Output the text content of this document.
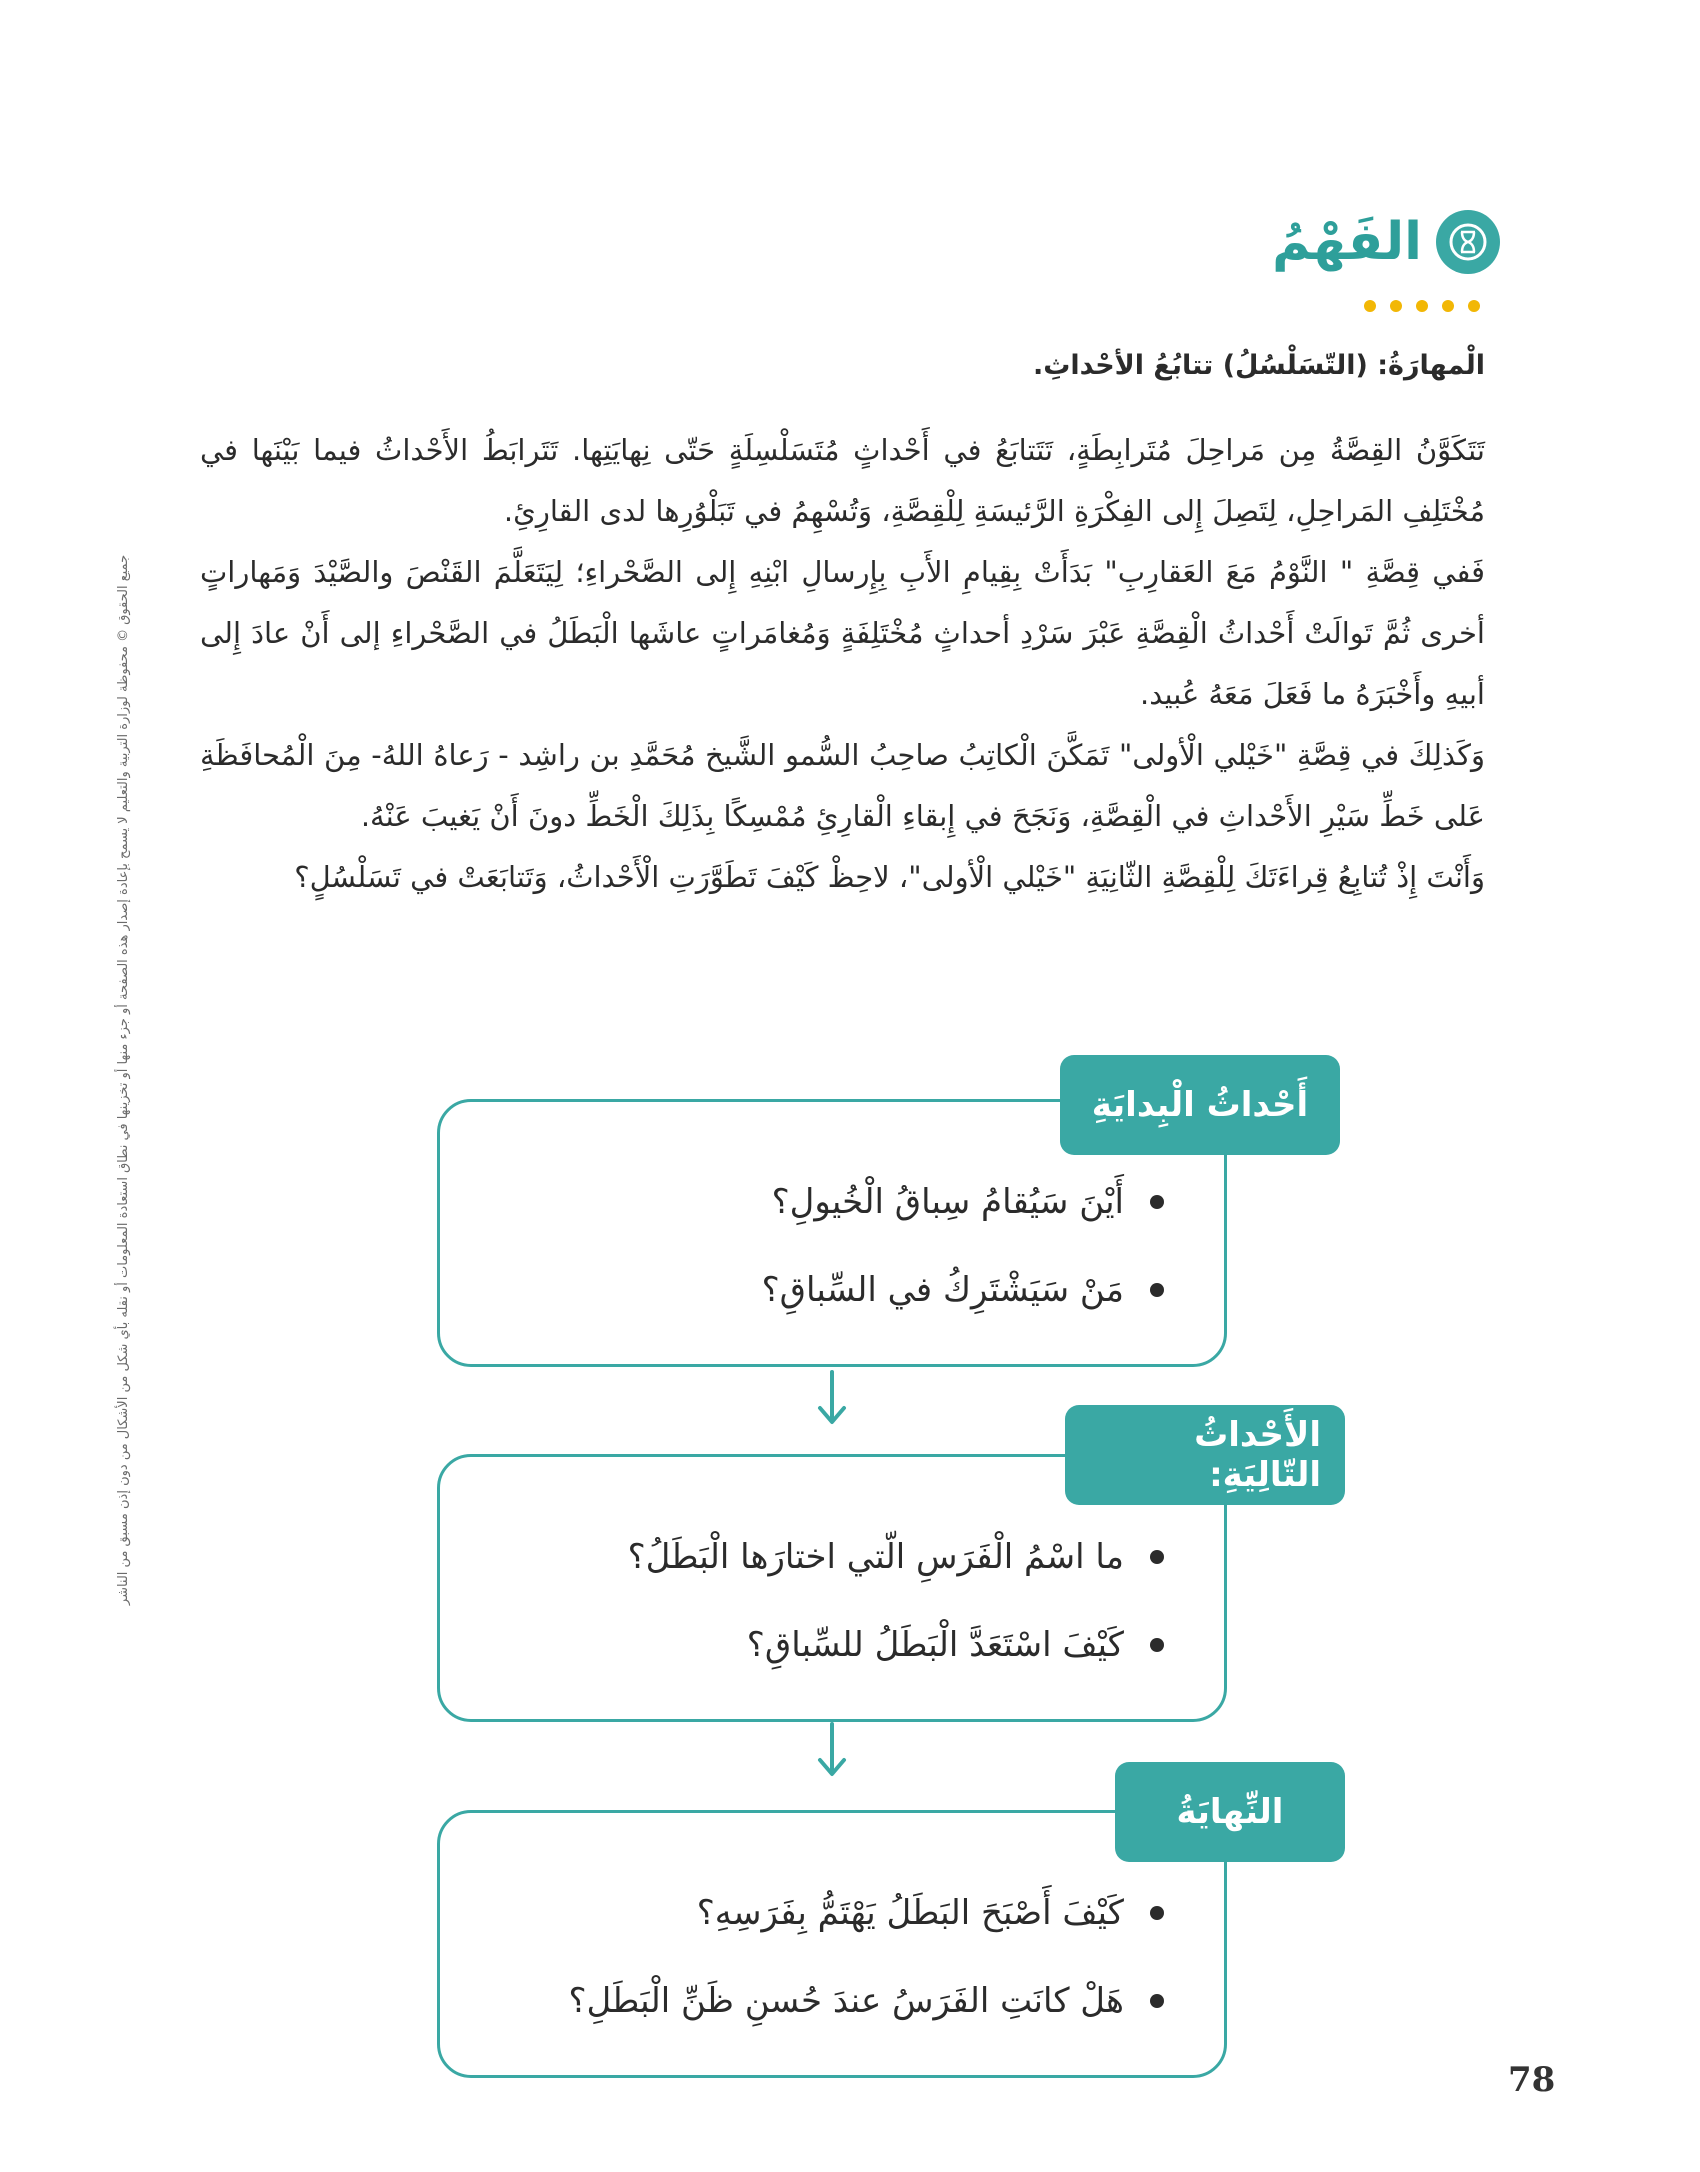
جميع الحقوق © محفوظة لوزارة التربية والتعليم لا يسمح بإعادة إصدار هذه الصفحة أو جزء منها أو تخزينها في نطاق استعادة المعلومات أو نقله بأي شكل من الأشكال من دون إذن مسبق من الناشر
الفَهْمُ
الْمهارَةُ: (التّسَلْسُلُ) تتابُعُ الأحْداثِ.

تَتَكَوَّنُ القِصَّةُ مِن مَراحِلَ مُتَرابِطَةٍ، تَتَتابَعُ في أَحْداثٍ مُتَسَلْسِلَةٍ حَتّى نِهايَتِها. تَتَرابَطُ الأَحْداثُ فيما بَيْنَها في مُخْتَلِفِ المَراحِلِ، لِتَصِلَ إِلى الفِكْرَةِ الرَّئيسَةِ لِلْقِصَّةِ، وَتُسْهِمُ في تَبَلْوُرِها لدى القارِئِ.

فَفي قِصَّةِ " النَّوْمُ مَعَ العَقارِبِ" بَدَأَتْ بِقِيامِ الأَبِ بِإِرسالِ ابْنِهِ إِلى الصَّحْراءِ؛ لِيَتَعَلَّمَ القَنْصَ والصَّيْدَ وَمَهاراتٍ أخرى ثُمَّ تَوالَتْ أَحْداثُ الْقِصَّةِ عَبْرَ سَرْدِ أحداثٍ مُخْتَلِفَةٍ وَمُغامَراتٍ عاشَها الْبَطَلُ في الصَّحْراءِ إلى أَنْ عادَ إِلى أبيهِ وأَخْبَرَهُ ما فَعَلَ مَعَهُ عُبيد.

وَكَذلِكَ في قِصَّةِ "خَيْلي الْأولى" تَمَكَّنَ الْكاتِبُ صاحِبُ السُّمو الشَّيخ مُحَمَّدِ بن راشِد - رَعاهُ اللهُ- مِنَ الْمُحافَظَةِ عَلى خَطِّ سَيْرِ الأَحْداثِ في الْقِصَّةِ، وَنَجَحَ في إِبقاءِ الْقارِئِ مُمْسِكًا بِذَلِكَ الْخَطِّ دونَ أَنْ يَغيبَ عَنْهُ.

وَأَنْتَ إِذْ تُتابِعُ قِراءَتَكَ لِلْقِصَّةِ الثّانِيَةِ "خَيْلي الْأولى"، لاحِظْ كَيْفَ تَطَوَّرَتِ الْأَحْداثُ، وَتَتابَعَتْ في تَسَلْسُلٍ؟

أَيْنَ سَيُقامُ سِباقُ الْخُيولِ؟
مَنْ سَيَشْتَرِكُ في السِّباقِ؟
أَحْداثُ الْبِدايَةِ
ما اسْمُ الْفَرَسِ الّتي اختارَها الْبَطَلُ؟
كَيْفَ اسْتَعَدَّ الْبَطَلُ للسِّباقِ؟
الأَحْداثُ التّالِيَةِ:
كَيْفَ أَصْبَحَ البَطَلُ يَهْتَمُّ بِفَرَسِهِ؟
هَلْ كانَتِ الفَرَسُ عندَ حُسنِ ظَنِّ الْبَطَلِ؟
النِّهايَةُ
78
